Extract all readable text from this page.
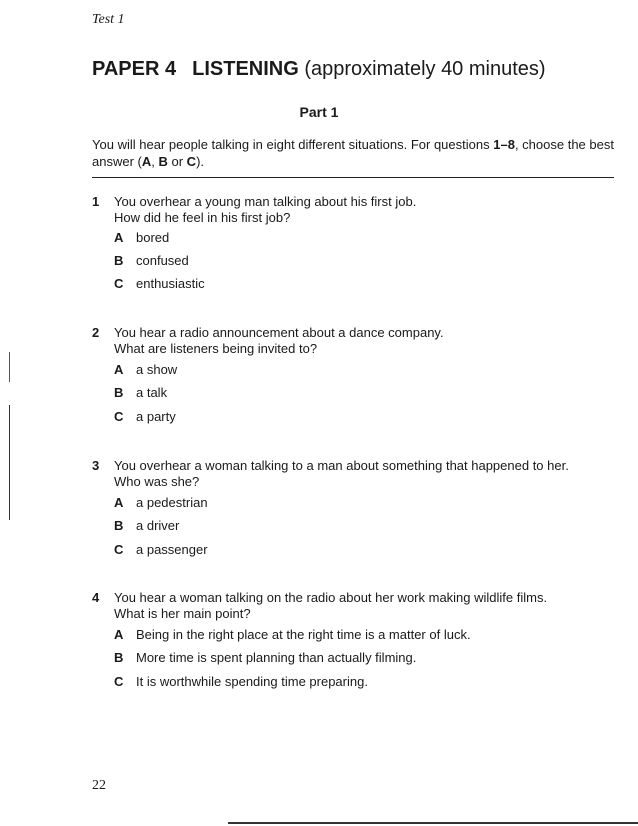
Test 1
PAPER 4 LISTENING (approximately 40 minutes)
Part 1
You will hear people talking in eight different situations. For questions 1–8, choose the best answer (A, B or C).
1 You overhear a young man talking about his first job.
How did he feel in his first job?
A bored
B confused
C enthusiastic
2 You hear a radio announcement about a dance company.
What are listeners being invited to?
A a show
B a talk
C a party
3 You overhear a woman talking to a man about something that happened to her.
Who was she?
A a pedestrian
B a driver
C a passenger
4 You hear a woman talking on the radio about her work making wildlife films.
What is her main point?
A Being in the right place at the right time is a matter of luck.
B More time is spent planning than actually filming.
C It is worthwhile spending time preparing.
22
